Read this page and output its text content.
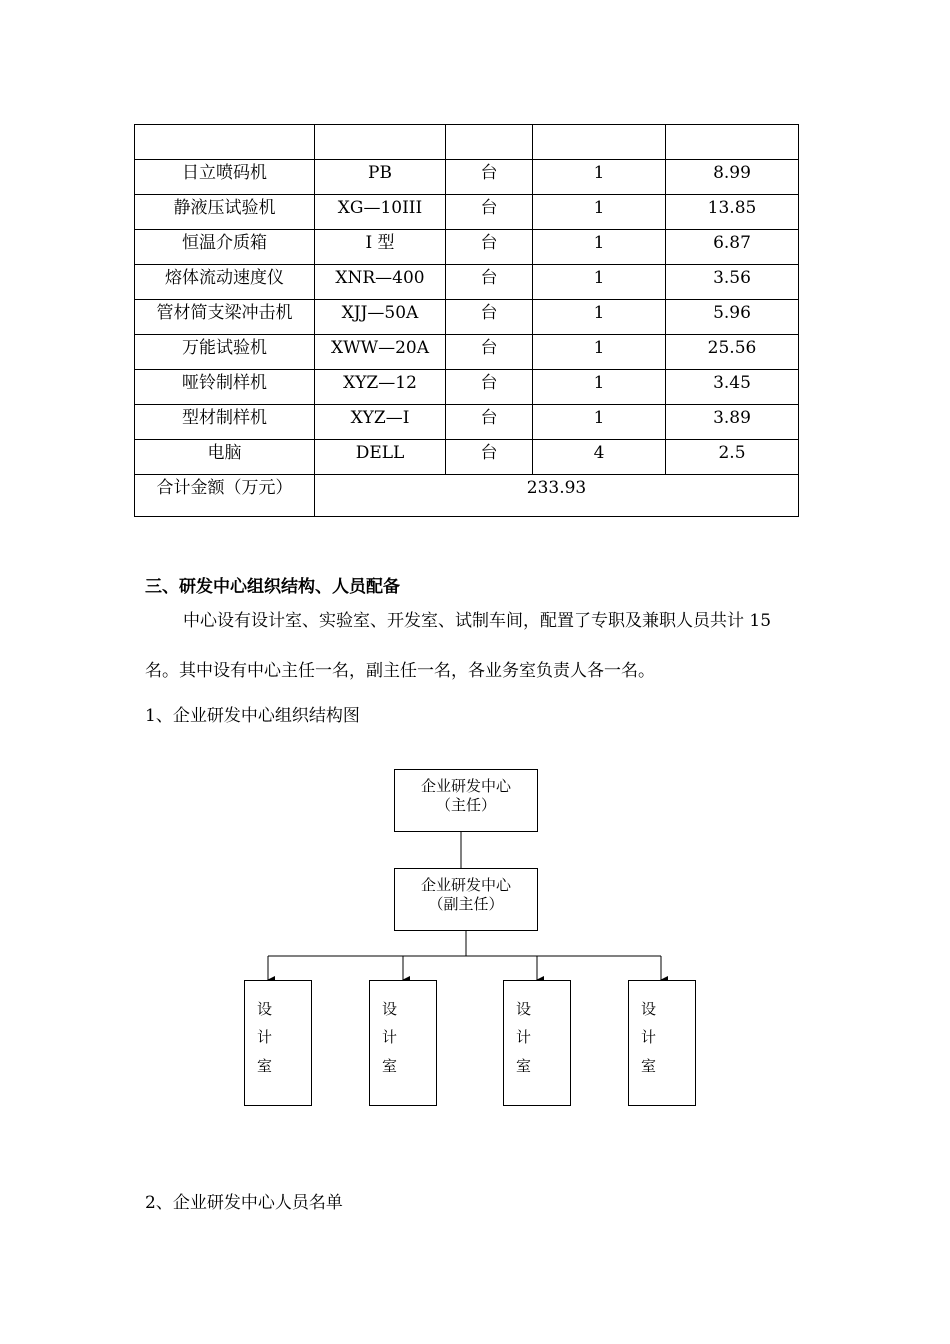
日立喷码机	PB	台	1	8.99
静液压试验机	XG—10III	台	1	13.85
恒温介质箱	I 型	台	1	6.87
熔体流动速度仪	XNR—400	台	1	3.56
管材简支梁冲击机	XJJ—50A	台	1	5.96
万能试验机	XWW—20A	台	1	25.56
哑铃制样机	XYZ—12	台	1	3.45
型材制样机	XYZ—I	台	1	3.89
电脑	DELL	台	4	2.5
合计金额（万元）	233.93			
三、研发中心组织结构、人员配备
中心设有设计室、实验室、开发室、试制车间，配置了专职及兼职人员共计 15
名。其中设有中心主任一名，副主任一名，各业务室负责人各一名。
1、企业研发中心组织结构图
企业研发中心
（主任）
企业研发中心
（副主任）
设
计
室
设
计
室
设
计
室
设
计
室
2、企业研发中心人员名单
